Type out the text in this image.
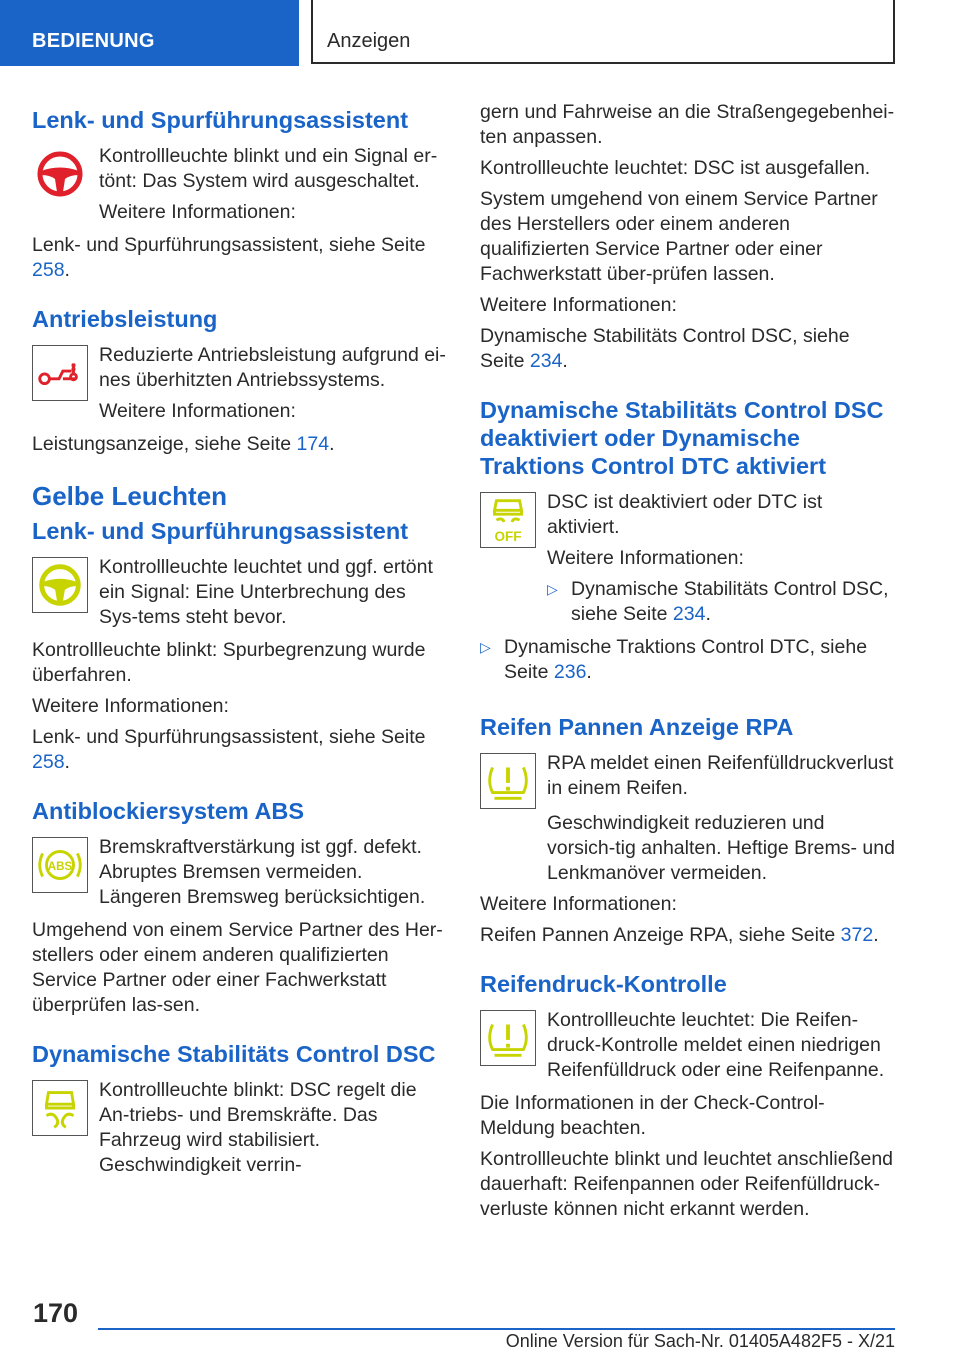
BEDIENUNG	Anzeigen
Lenk- und Spurführungsassistent

Kontrollleuchte blinkt und ein Signal er-tönt: Das System wird ausgeschaltet.

Weitere Informationen:

Lenk- und Spurführungsassistent, siehe Seite 258.

Antriebsleistung

Reduzierte Antriebsleistung aufgrund ei-nes überhitzten Antriebssystems.

Weitere Informationen:

Leistungsanzeige, siehe Seite 174.

Gelbe Leuchten
Lenk- und Spurführungsassistent

Kontrollleuchte leuchtet und ggf. ertönt ein Signal: Eine Unterbrechung des Sys-tems steht bevor.

Kontrollleuchte blinkt: Spurbegrenzung wurde überfahren.

Weitere Informationen:

Lenk- und Spurführungsassistent, siehe Seite 258.

Antiblockiersystem ABS
ABS

Bremskraftverstärkung ist ggf. defekt. Abruptes Bremsen vermeiden. Längeren Bremsweg berücksichtigen.

Umgehend von einem Service Partner des Her-stellers oder einem anderen qualifizierten Service Partner oder einer Fachwerkstatt überprüfen las-sen.

Dynamische Stabilitäts Control DSC

Kontrollleuchte blinkt: DSC regelt die An-triebs- und Bremskräfte. Das Fahrzeug wird stabilisiert. Geschwindigkeit verrin-

gern und Fahrweise an die Straßengegebenhei-ten anpassen.

Kontrollleuchte leuchtet: DSC ist ausgefallen.

System umgehend von einem Service Partner des Herstellers oder einem anderen qualifizierten Service Partner oder einer Fachwerkstatt über-prüfen lassen.

Weitere Informationen:

Dynamische Stabilitäts Control DSC, siehe Seite 234.

Dynamische Stabilitäts Control DSC deaktiviert oder Dynamische Traktions Control DTC aktiviert
OFF

DSC ist deaktiviert oder DTC ist aktiviert.

Weitere Informationen:

▷ Dynamische Stabilitäts Control DSC, siehe Seite 234.

▷ Dynamische Traktions Control DTC, siehe Seite 236.

Reifen Pannen Anzeige RPA

RPA meldet einen Reifenfülldruckverlust in einem Reifen.

Geschwindigkeit reduzieren und vorsich-tig anhalten. Heftige Brems- und Lenkmanöver vermeiden.

Weitere Informationen:

Reifen Pannen Anzeige RPA, siehe Seite 372.

Reifendruck-Kontrolle

Kontrollleuchte leuchtet: Die Reifen-druck-Kontrolle meldet einen niedrigen Reifenfülldruck oder eine Reifenpanne.

Die Informationen in der Check-Control-Meldung beachten.

Kontrollleuchte blinkt und leuchtet anschließend dauerhaft: Reifenpannen oder Reifenfülldruck-verluste können nicht erkannt werden.

170
Online Version für Sach-Nr. 01405A482F5 - X/21
